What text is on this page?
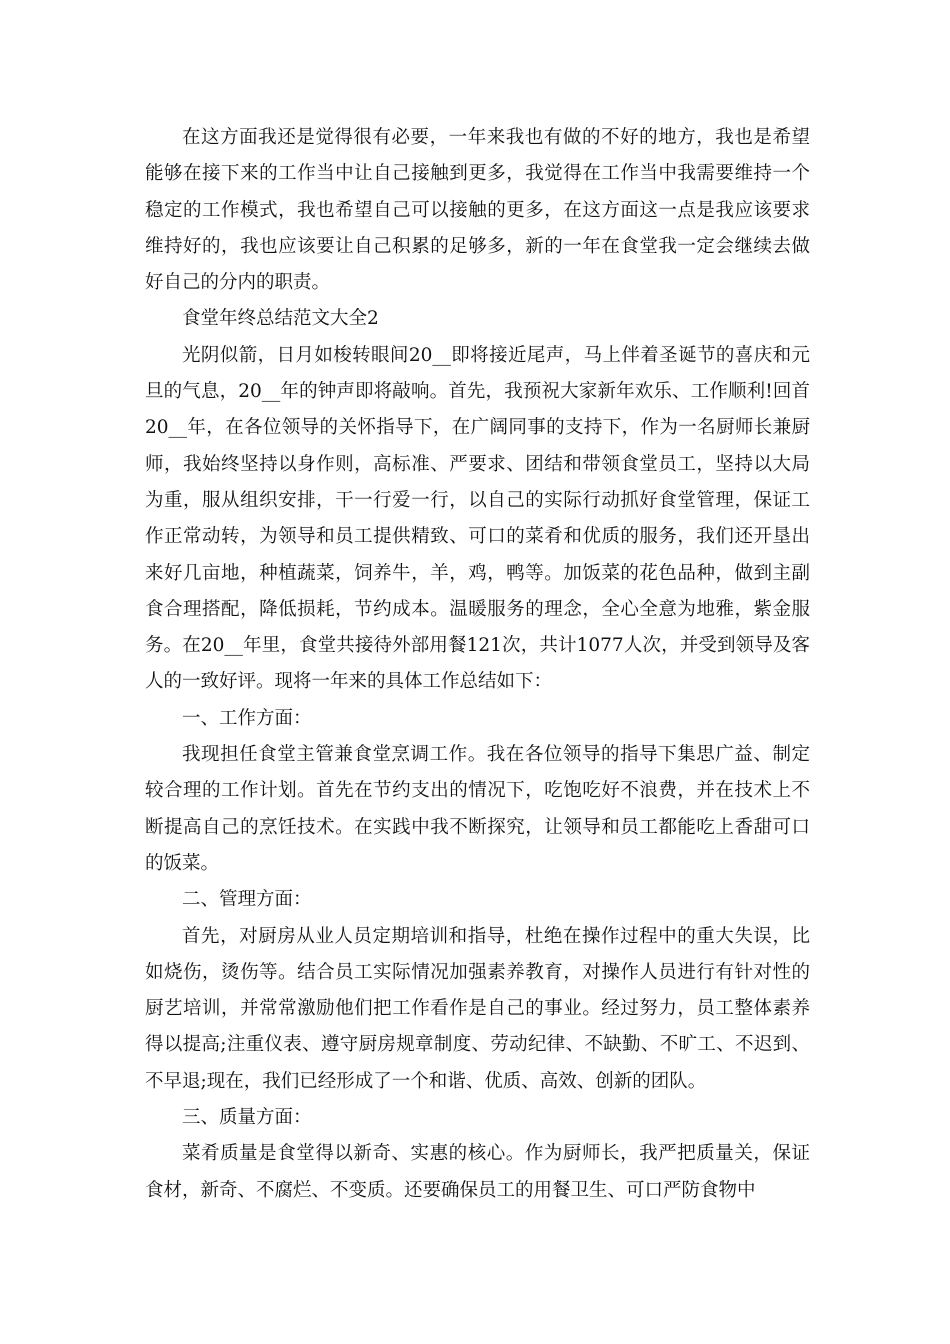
在这方面我还是觉得很有必要，一年来我也有做的不好的地方，我也是希望能够在接下来的工作当中让自己接触到更多，我觉得在工作当中我需要维持一个稳定的工作模式，我也希望自己可以接触的更多，在这方面这一点是我应该要求维持好的，我也应该要让自己积累的足够多，新的一年在食堂我一定会继续去做好自己的分内的职责。

食堂年终总结范文大全2

光阴似箭，日月如梭转眼间20__即将接近尾声，马上伴着圣诞节的喜庆和元旦的气息，20__年的钟声即将敲响。首先，我预祝大家新年欢乐、工作顺利!回首20__年，在各位领导的关怀指导下，在广阔同事的支持下，作为一名厨师长兼厨师，我始终坚持以身作则，高标准、严要求、团结和带领食堂员工，坚持以大局为重，服从组织安排，干一行爱一行，以自己的实际行动抓好食堂管理，保证工作正常动转，为领导和员工提供精致、可口的菜肴和优质的服务，我们还开垦出来好几亩地，种植蔬菜，饲养牛，羊，鸡，鸭等。加饭菜的花色品种，做到主副食合理搭配，降低损耗，节约成本。温暖服务的理念，全心全意为地雅，紫金服务。在20__年里，食堂共接待外部用餐121次，共计1077人次，并受到领导及客人的一致好评。现将一年来的具体工作总结如下：

一、工作方面：

我现担任食堂主管兼食堂烹调工作。我在各位领导的指导下集思广益、制定较合理的工作计划。首先在节约支出的情况下，吃饱吃好不浪费，并在技术上不断提高自己的烹饪技术。在实践中我不断探究，让领导和员工都能吃上香甜可口的饭菜。

二、管理方面：

首先，对厨房从业人员定期培训和指导，杜绝在操作过程中的重大失误，比如烧伤，烫伤等。结合员工实际情况加强素养教育，对操作人员进行有针对性的厨艺培训，并常常激励他们把工作看作是自己的事业。经过努力，员工整体素养得以提高;注重仪表、遵守厨房规章制度、劳动纪律、不缺勤、不旷工、不迟到、不早退;现在，我们已经形成了一个和谐、优质、高效、创新的团队。

三、质量方面：

菜肴质量是食堂得以新奇、实惠的核心。作为厨师长，我严把质量关，保证食材，新奇、不腐烂、不变质。还要确保员工的用餐卫生、可口严防食物中
